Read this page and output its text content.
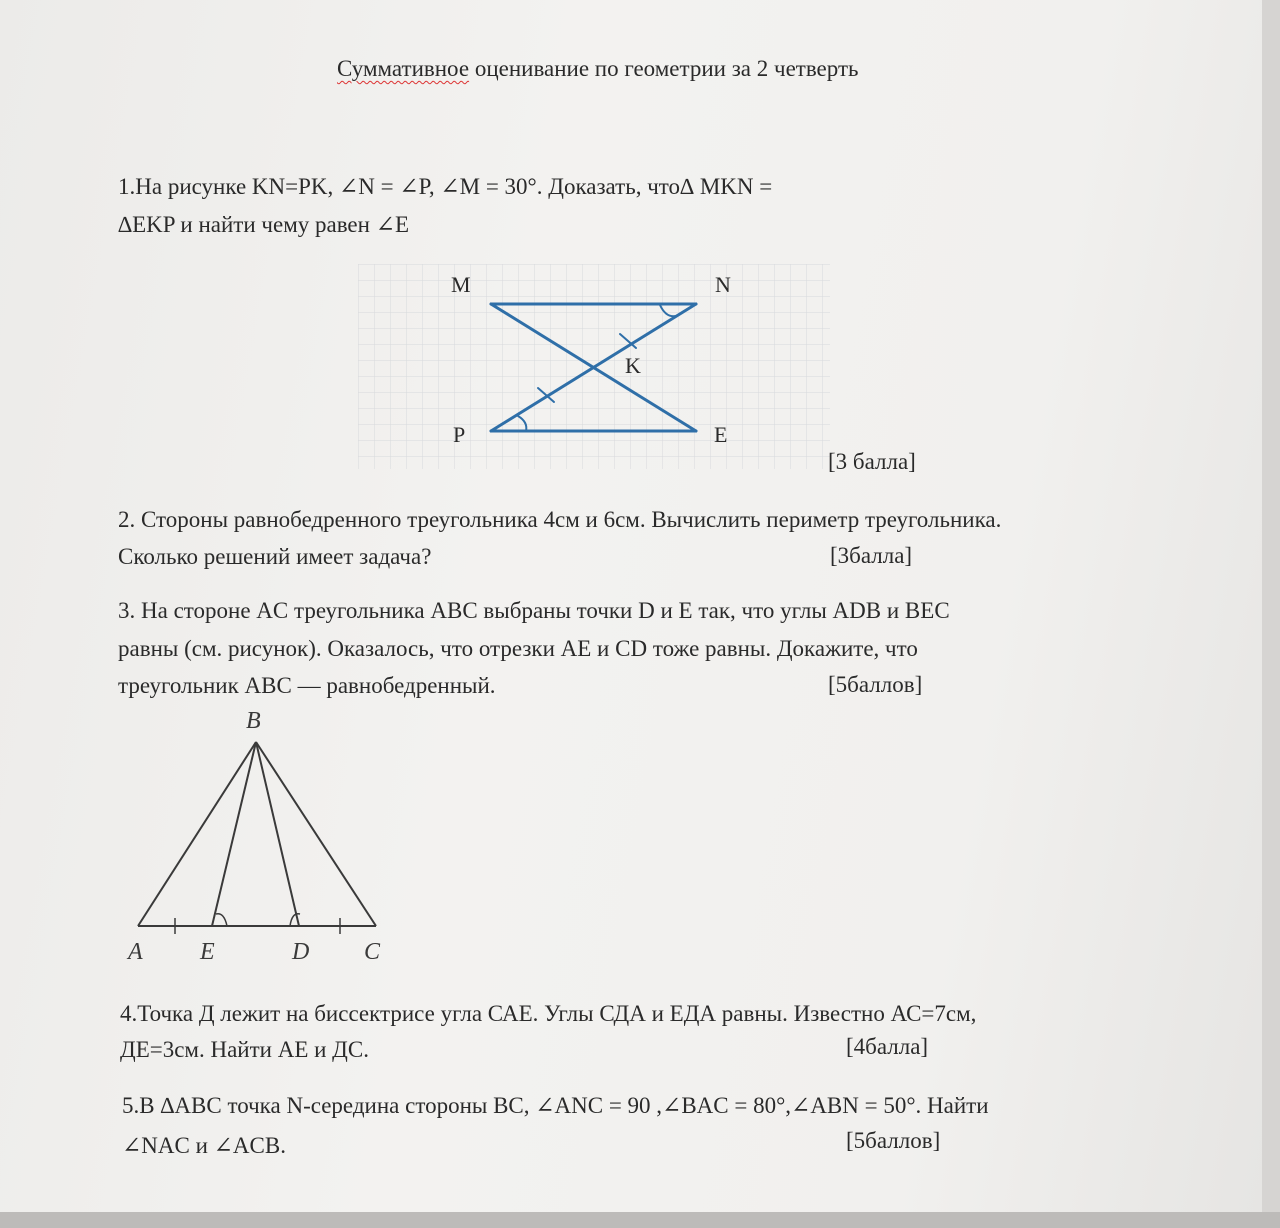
Суммативное оценивание по геометрии за 2 четверть
1.На рисунке KN=PK, ∠N = ∠P, ∠M = 30°. Доказать, что∆ MKN =
∆EKP и найти чему равен ∠E
M	N
K
P	E
[3 балла]
2. Стороны равнобедренного треугольника 4см и 6см. Вычислить периметр треугольника.
Сколько решений имеет задача?	[3балла]
3. На стороне AC треугольника ABC выбраны точки D и E так, что углы ADB и BEC
равны (см. рисунок). Оказалось, что отрезки AE и CD тоже равны. Докажите, что
треугольник ABC — равнобедренный.	[5баллов]
B
A E	D C
4.Точка Д лежит на биссектрисе угла САЕ. Углы СДА и ЕДА равны. Известно АС=7см,
ДЕ=3см. Найти АЕ и ДС.	[4балла]
5.В ∆ABC точка N-середина стороны ВС, ∠ANC = 90 ,∠BAC = 80°,∠ABN = 50°. Найти
∠NAC и ∠ACB.	[5баллов]
